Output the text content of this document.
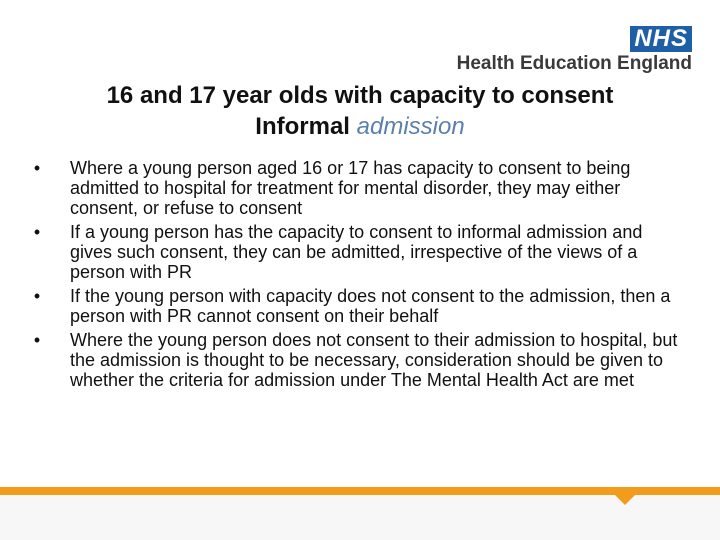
NHS
Health Education England
16 and 17 year olds with capacity to consent
Informal admission
• Where a young person aged 16 or 17 has capacity to consent to being admitted to hospital for treatment for mental disorder, they may either consent, or refuse to consent
• If a young person has the capacity to consent to informal admission and gives such consent, they can be admitted, irrespective of the views of a person with PR
• If the young person with capacity does not consent to the admission, then a person with PR cannot consent on their behalf
• Where the young person does not consent to their admission to hospital, but the admission is thought to be necessary, consideration should be given to whether the criteria for admission under The Mental Health Act are met
